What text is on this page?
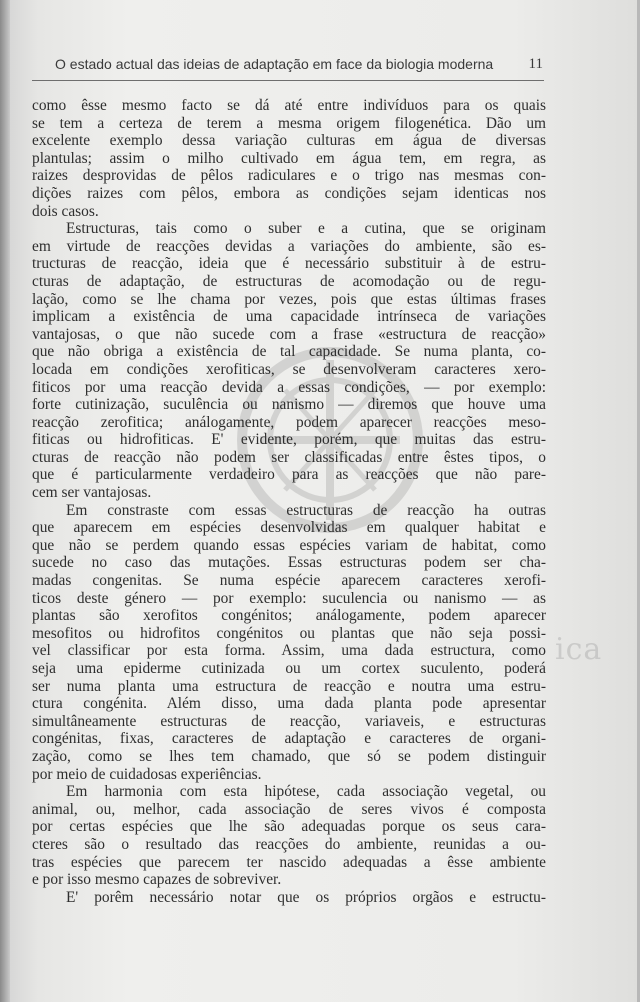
ica
O estado actual das ideias de adaptação em face da biologia moderna 11
como êsse mesmo facto se dá até entre indivíduos para os quais
se tem a certeza de terem a mesma origem filogenética. Dão um
excelente exemplo dessa variação culturas em água de diversas
plantulas; assim o milho cultivado em água tem, em regra, as
raizes desprovidas de pêlos radiculares e o trigo nas mesmas con-
dições raizes com pêlos, embora as condições sejam identicas nos
dois casos.
Estructuras, tais como o suber e a cutina, que se originam
em virtude de reacções devidas a variações do ambiente, são es-
tructuras de reacção, ideia que é necessário substituir à de estru-
cturas de adaptação, de estructuras de acomodação ou de regu-
lação, como se lhe chama por vezes, pois que estas últimas frases
implicam a existência de uma capacidade intrínseca de variações
vantajosas, o que não sucede com a frase «estructura de reacção»
que não obriga a existência de tal capacidade. Se numa planta, co-
locada em condições xerofiticas, se desenvolveram caracteres xero-
fiticos por uma reacção devida a essas condições, — por exemplo:
forte cutinização, suculência ou nanismo — diremos que houve uma
reacção zerofitica; análogamente, podem aparecer reacções meso-
fiticas ou hidrofiticas. E' evidente, porém, que muitas das estru-
cturas de reacção não podem ser classificadas entre êstes tipos, o
que é particularmente verdadeiro para as reacções que não pare-
cem ser vantajosas.
Em constraste com essas estructuras de reacção ha outras
que aparecem em espécies desenvolvidas em qualquer habitat e
que não se perdem quando essas espécies variam de habitat, como
sucede no caso das mutações. Essas estructuras podem ser cha-
madas congenitas. Se numa espécie aparecem caracteres xerofi-
ticos deste género — por exemplo: suculencia ou nanismo — as
plantas são xerofitos congénitos; análogamente, podem aparecer
mesofitos ou hidrofitos congénitos ou plantas que não seja possi-
vel classificar por esta forma. Assim, uma dada estructura, como
seja uma epiderme cutinizada ou um cortex suculento, poderá
ser numa planta uma estructura de reacção e noutra uma estru-
ctura congénita. Além disso, uma dada planta pode apresentar
simultâneamente estructuras de reacção, variaveis, e estructuras
congénitas, fixas, caracteres de adaptação e caracteres de organi-
zação, como se lhes tem chamado, que só se podem distinguir
por meio de cuidadosas experiências.
Em harmonia com esta hipótese, cada associação vegetal, ou
animal, ou, melhor, cada associação de seres vivos é composta
por certas espécies que lhe são adequadas porque os seus cara-
cteres são o resultado das reacções do ambiente, reunidas a ou-
tras espécies que parecem ter nascido adequadas a êsse ambiente
e por isso mesmo capazes de sobreviver.
E' porêm necessário notar que os próprios orgãos e estructu-
